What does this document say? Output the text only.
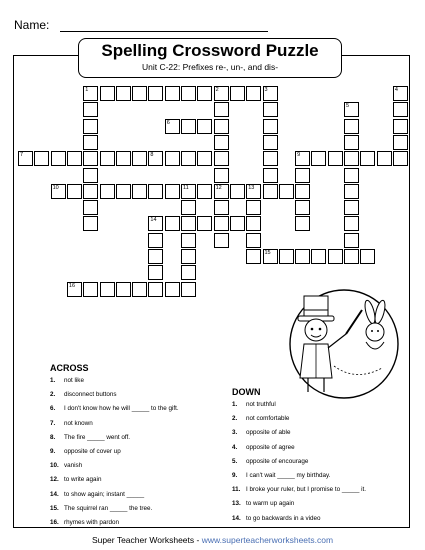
Name:
Spelling Crossword Puzzle
Unit C-22: Prefixes re-, un-, and dis-
1	2	3
6
7	8	9
10	11	12	13
14
15
16
4
5
ACROSS
1. not like
2. disconnect buttons
6. I don't know how he will _____ to the gift.
7. not known
8. The fire _____ went off.
9. opposite of cover up
10. vanish
12. to write again
14. to show again; instant _____
15. The squirrel ran _____ the tree.
16. rhymes with pardon
DOWN
1. not truthful
2. not comfortable
3. opposite of able
4. opposite of agree
5. opposite of encourage
9. I can't wait _____ my birthday.
11. I broke your ruler, but I promise to _____ it.
13. to warm up again
14. to go backwards in a video
Super Teacher Worksheets - www.superteacherworksheets.com
